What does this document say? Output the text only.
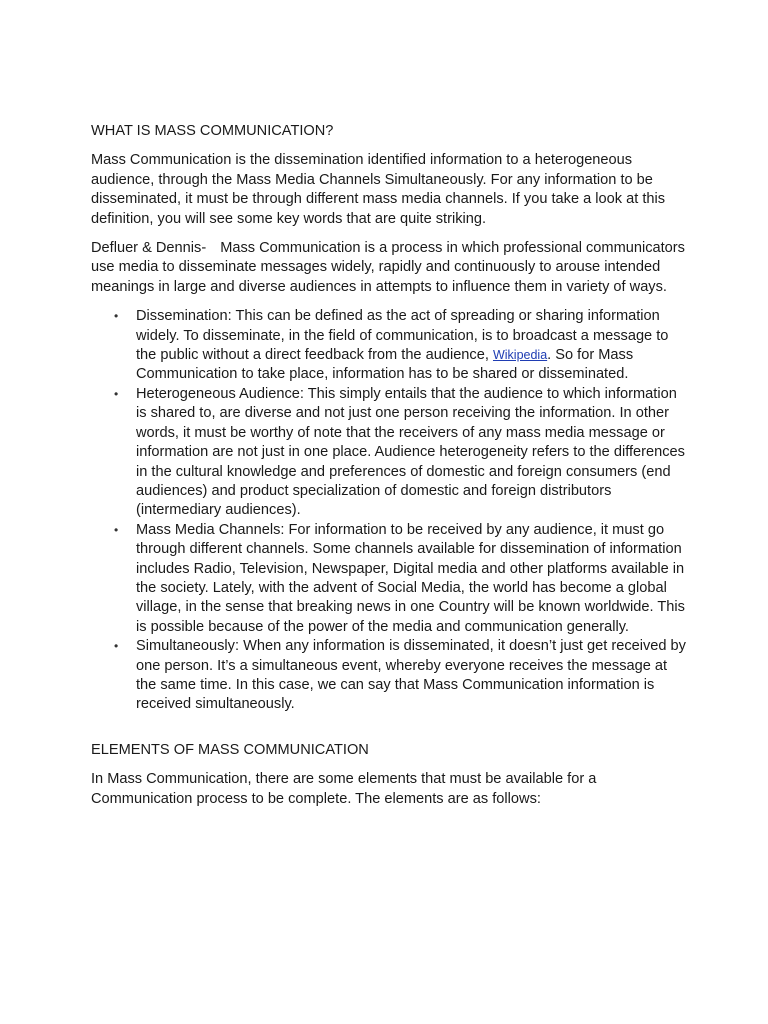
WHAT IS MASS COMMUNICATION?

Mass Communication is the dissemination identified information to a heterogeneous audience, through the Mass Media Channels Simultaneously. For any information to be disseminated, it must be through different mass media channels. If you take a look at this definition, you will see some key words that are quite striking.

Defluer & Dennis- Mass Communication is a process in which professional communicators use media to disseminate messages widely, rapidly and continuously to arouse intended meanings in large and diverse audiences in attempts to influence them in variety of ways.

• Dissemination: This can be defined as the act of spreading or sharing information widely. To disseminate, in the field of communication, is to broadcast a message to the public without a direct feedback from the audience, Wikipedia. So for Mass Communication to take place, information has to be shared or disseminated.
• Heterogeneous Audience: This simply entails that the audience to which information is shared to, are diverse and not just one person receiving the information. In other words, it must be worthy of note that the receivers of any mass media message or information are not just in one place. Audience heterogeneity refers to the differences in the cultural knowledge and preferences of domestic and foreign consumers (end audiences) and product specialization of domestic and foreign distributors (intermediary audiences).
• Mass Media Channels: For information to be received by any audience, it must go through different channels. Some channels available for dissemination of information includes Radio, Television, Newspaper, Digital media and other platforms available in the society. Lately, with the advent of Social Media, the world has become a global village, in the sense that breaking news in one Country will be known worldwide. This is possible because of the power of the media and communication generally.
• Simultaneously: When any information is disseminated, it doesn’t just get received by one person. It’s a simultaneous event, whereby everyone receives the message at the same time. In this case, we can say that Mass Communication information is received simultaneously.

ELEMENTS OF MASS COMMUNICATION

In Mass Communication, there are some elements that must be available for a Communication process to be complete. The elements are as follows:
